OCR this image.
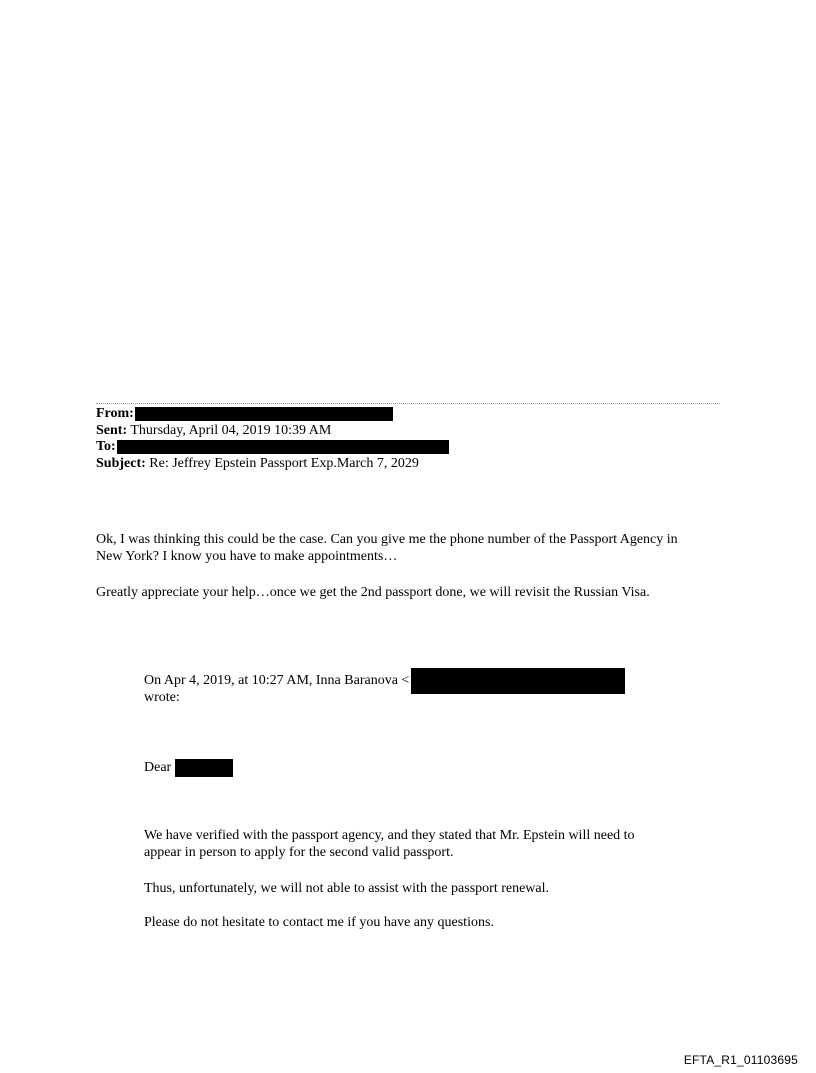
From:
Sent: Thursday, April 04, 2019 10:39 AM
To:
Subject: Re: Jeffrey Epstein Passport Exp.March 7, 2029

Ok, I was thinking this could be the case. Can you give me the phone number of the Passport Agency in New York? I know you have to make appointments…

Greatly appreciate your help…once we get the 2nd passport done, we will revisit the Russian Visa.

On Apr 4, 2019, at 10:27 AM, Inna Baranova <
wrote:
Dear

We have verified with the passport agency, and they stated that Mr. Epstein will need to appear in person to apply for the second valid passport.

Thus, unfortunately, we will not able to assist with the passport renewal.

Please do not hesitate to contact me if you have any questions.

EFTA_R1_01103695
